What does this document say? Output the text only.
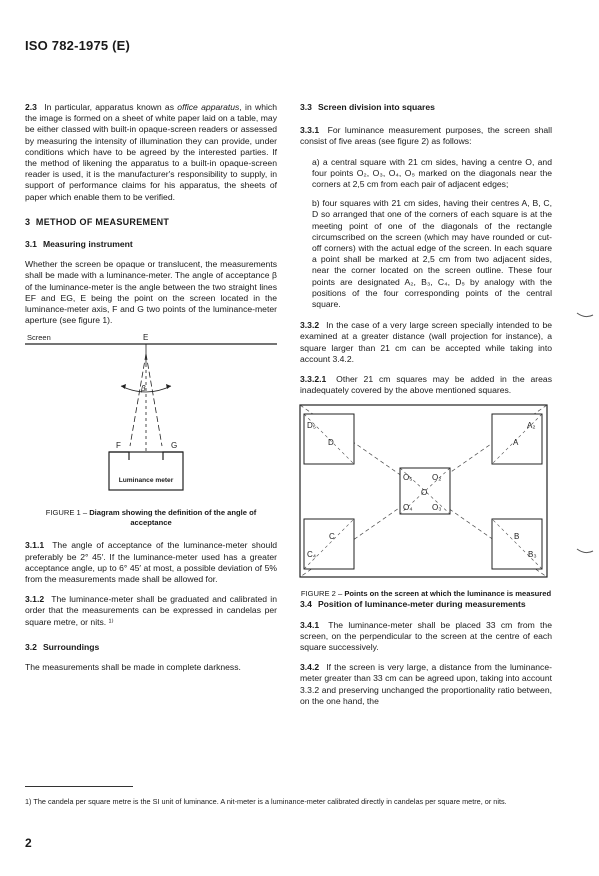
ISO 782-1975 (E)

2.3 In particular, apparatus known as office apparatus, in which the image is formed on a sheet of white paper laid on a table, may be either classed with built-in opaque-screen readers or assessed by measuring the intensity of illumination they can provide, under conditions which have to be agreed by the interested parties. If the method of likening the apparatus to a built-in opaque-screen reader is used, it is the manufacturer's responsibility to supply, in support of performance claims for his apparatus, the sheets of paper which enable them to be verified.

3 METHOD OF MEASUREMENT
3.1 Measuring instrument

Whether the screen be opaque or translucent, the measurements shall be made with a luminance-meter. The angle of acceptance β of the luminance-meter is the angle between the two straight lines EF and EG, E being the point on the screen located in the luminance-meter axis, F and G two points of the luminance-meter aperture (see figure 1).

Screen	E
β
F	G
Luminance meter
FIGURE 1 – Diagram showing the definition of the angle of acceptance

3.1.1 The angle of acceptance of the luminance-meter should preferably be 2° 45′. If the luminance-meter used has a greater acceptance angle, up to 6° 45′ at most, a possible deviation of 5% from the measurements made shall be allowed for.

3.1.2 The luminance-meter shall be graduated and calibrated in order that the measurements can be expressed in candelas per square metre, or nits. ¹⁾

3.2 Surroundings

The measurements shall be made in complete darkness.

3.3 Screen division into squares

3.3.1 For luminance measurement purposes, the screen shall consist of five areas (see figure 2) as follows:

a) a central square with 21 cm sides, having a centre O, and four points O₂, O₃, O₄, O₅ marked on the diagonals near the corners at 2,5 cm from each pair of adjacent edges;

b) four squares with 21 cm sides, having their centres A, B, C, D so arranged that one of the corners of each square is at the meeting point of one of the diagonals of the rectangle circumscribed on the screen (which may have rounded or cut-off corners) with the actual edge of the screen. In each square a point shall be marked at 2,5 cm from two adjacent sides, near the corner located on the screen outline. These four points are designated A₂, B₃, C₄, D₅ by analogy with the positions of the four corresponding points of the central square.

3.3.2 In the case of a very large screen specially intended to be examined at a greater distance (wall projection for instance), a square larger than 21 cm can be accepted while taking into account 3.4.2.

3.3.2.1 Other 21 cm squares may be added in the areas inadequately covered by the above mentioned squares.

D₅
D
A₂
A
O₅ O₂
O
O₄ O₃
C
C₄
B
B₃
FIGURE 2 – Points on the screen at which the luminance is measured
3.4 Position of luminance-meter during measurements

3.4.1 The luminance-meter shall be placed 33 cm from the screen, on the perpendicular to the screen at the centre of each square successively.

3.4.2 If the screen is very large, a distance from the luminance-meter greater than 33 cm can be agreed upon, taking into account 3.3.2 and preserving unchanged the proportionality ratio between, on the one hand, the

1) The candela per square metre is the SI unit of luminance. A nit-meter is a luminance-meter calibrated directly in candelas per square metre, or nits.
2
